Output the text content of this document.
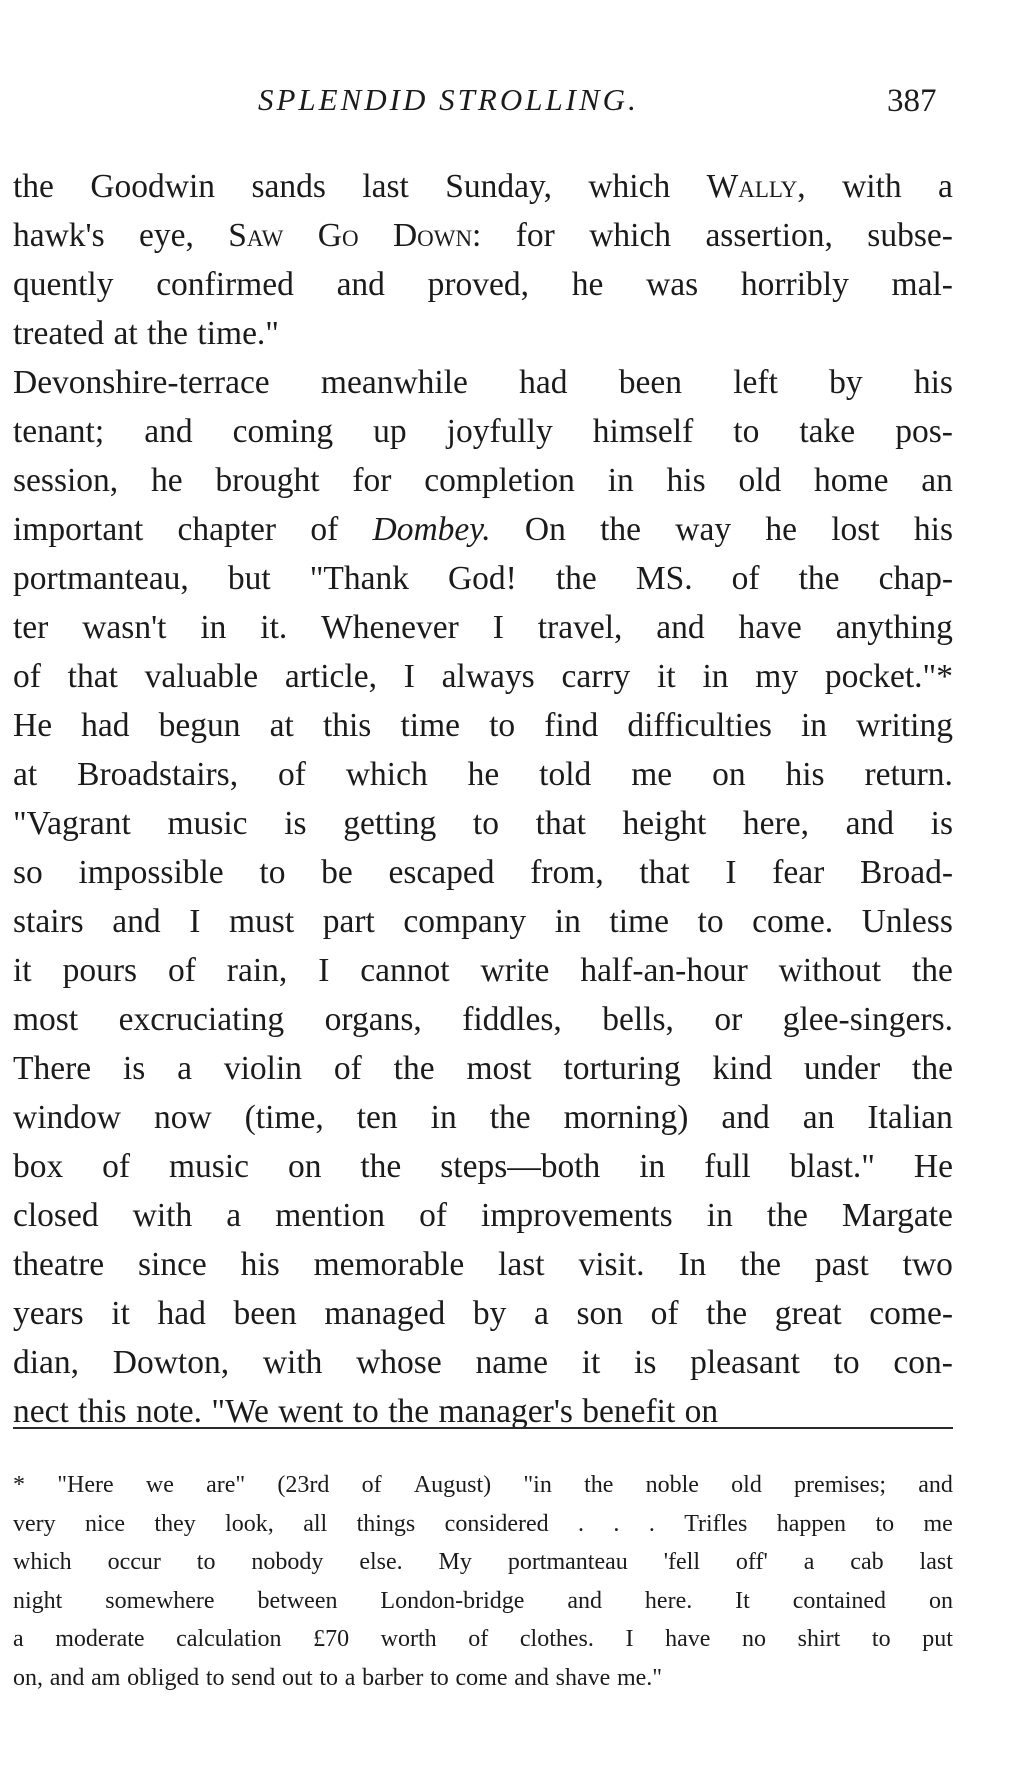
SPLENDID STROLLING.	387
the Goodwin sands last Sunday, which Wally, with a
hawk's eye, Saw Go Down: for which assertion, subse-
quently confirmed and proved, he was horribly mal-
treated at the time."
Devonshire-terrace meanwhile had been left by his
tenant; and coming up joyfully himself to take pos-
session, he brought for completion in his old home an
important chapter of Dombey. On the way he lost his
portmanteau, but "Thank God! the MS. of the chap-
ter wasn't in it. Whenever I travel, and have anything
of that valuable article, I always carry it in my pocket."*
He had begun at this time to find difficulties in writing
at Broadstairs, of which he told me on his return.
"Vagrant music is getting to that height here, and is
so impossible to be escaped from, that I fear Broad-
stairs and I must part company in time to come. Unless
it pours of rain, I cannot write half-an-hour without the
most excruciating organs, fiddles, bells, or glee-singers.
There is a violin of the most torturing kind under the
window now (time, ten in the morning) and an Italian
box of music on the steps—both in full blast." He
closed with a mention of improvements in the Margate
theatre since his memorable last visit. In the past two
years it had been managed by a son of the great come-
dian, Dowton, with whose name it is pleasant to con-
nect this note. "We went to the manager's benefit on
* "Here we are" (23rd of August) "in the noble old premises; and
very nice they look, all things considered . . . Trifles happen to me
which occur to nobody else. My portmanteau 'fell off' a cab last
night somewhere between London-bridge and here. It contained on
a moderate calculation £70 worth of clothes. I have no shirt to put
on, and am obliged to send out to a barber to come and shave me."
